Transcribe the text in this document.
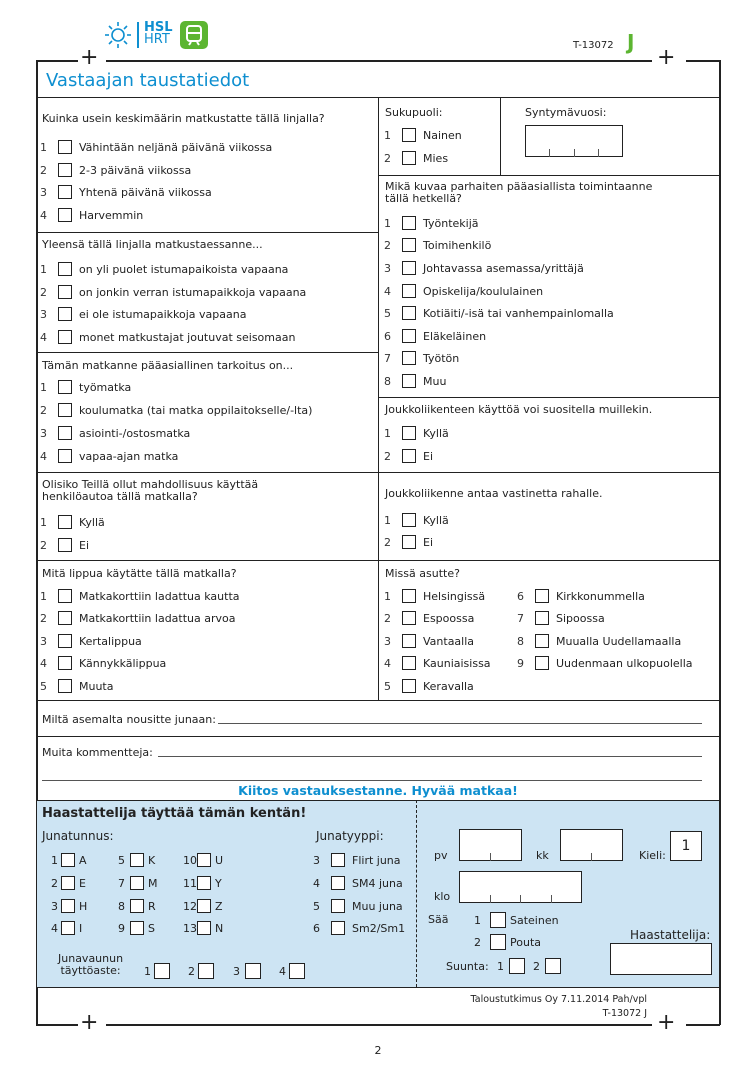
HSL
HRT	T-13072 J
+	+
Vastaajan taustatiedot
Kuinka usein keskimäärin matkustatte tällä linjalla?
1	Vähintään neljänä päivänä viikossa
2	2-3 päivänä viikossa
3	Yhtenä päivänä viikossa
4	Harvemmin
Yleensä tällä linjalla matkustaessanne...
1	on yli puolet istumapaikoista vapaana
2	on jonkin verran istumapaikkoja vapaana
3	ei ole istumapaikkoja vapaana
4	monet matkustajat joutuvat seisomaan
Tämän matkanne pääasiallinen tarkoitus on...
1	työmatka
2	koulumatka (tai matka oppilaitokselle/-lta)
3	asiointi-/ostosmatka
4	vapaa-ajan matka
Olisiko Teillä ollut mahdollisuus käyttää
henkilöautoa tällä matkalla?
1	Kyllä
2	Ei
Mitä lippua käytätte tällä matkalla?
1	Matkakorttiin ladattua kautta
2	Matkakorttiin ladattua arvoa
3	Kertalippua
4	Kännykkälippua
5	Muuta
Sukupuoli:	Syntymävuosi:
1	Nainen
2	Mies
Mikä kuvaa parhaiten pääasiallista toimintaanne
tällä hetkellä?
1	Työntekijä
2	Toimihenkilö
3	Johtavassa asemassa/yrittäjä
4	Opiskelija/koululainen
5	Kotiäiti/-isä tai vanhempainlomalla
6	Eläkeläinen
7	Työtön
8	Muu
Joukkoliikenteen käyttöä voi suositella muillekin.
1	Kyllä
2	Ei
Joukkoliikenne antaa vastinetta rahalle.
1	Kyllä
2	Ei
Missä asutte?
1	Helsingissä
2	Espoossa
3	Vantaalla
4	Kauniaisissa
5	Keravalla
6	Kirkkonummella
7	Sipoossa
8	Muualla Uudellamaalla
9	Uudenmaan ulkopuolella
Miltä asemalta nousitte junaan:
Muita kommentteja:
Kiitos vastauksestanne. Hyvää matkaa!
Haastattelija täyttää tämän kentän!
Junatunnus:
1 A
2 E
3 H
4 I
5	K
7	M
8	R
9	S
10 U
11 Y
12 Z
13 N
Junatyyppi:
3	Flirt juna
4	SM4 juna
5	Muu juna
6	Sm2/Sm1
Junavaunun
täyttöaste: 1	2	3	4
pv	kk	Kieli:
1
klo
Sää 1	Sateinen
2	Pouta
Suunta: 1	2
Haastattelija:
Taloustutkimus Oy 7.11.2014 Pah/vpl
T-13072 J
+	+
2
